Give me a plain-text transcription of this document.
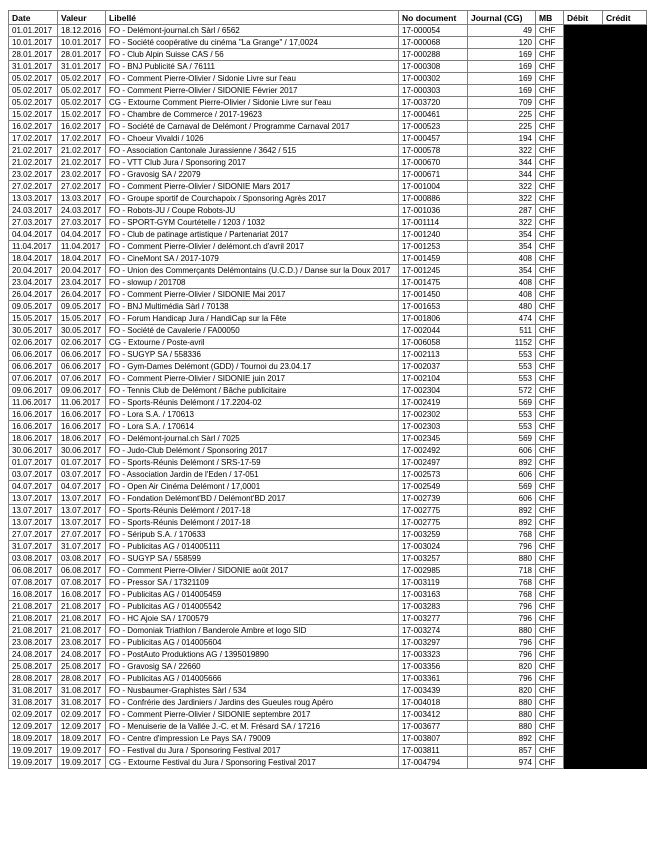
Date	Valeur	Libellé	No document	Journal (CG)	MB	Débit	Crédit
01.01.2017	18.12.2016	FO - Delémont-journal.ch Sàrl / 6562	17-000054	49	CHF		
10.01.2017	10.01.2017	FO - Société coopérative du cinéma "La Grange" / 17,0024	17-000068	120	CHF		
28.01.2017	28.01.2017	FO - Club Alpin Suisse CAS / 56	17-000288	169	CHF		
31.01.2017	31.01.2017	FO - BNJ Publicité SA / 76111	17-000308	169	CHF		
05.02.2017	05.02.2017	FO - Comment Pierre-Olivier / Sidonie Livre sur l'eau	17-000302	169	CHF		
05.02.2017	05.02.2017	FO - Comment Pierre-Olivier / SIDONIE Février 2017	17-000303	169	CHF		
05.02.2017	05.02.2017	CG - Extourne Comment Pierre-Olivier / Sidonie Livre sur l'eau	17-003720	709	CHF		
15.02.2017	15.02.2017	FO - Chambre de Commerce / 2017-19623	17-000461	225	CHF		
16.02.2017	16.02.2017	FO - Société de Carnaval de Delémont / Programme Carnaval 2017	17-000523	225	CHF		
17.02.2017	17.02.2017	FO - Choeur Vivaldi / 1026	17-000457	194	CHF		
21.02.2017	21.02.2017	FO - Association Cantonale Jurassienne / 3642 / 515	17-000578	322	CHF		
21.02.2017	21.02.2017	FO - VTT Club Jura / Sponsoring 2017	17-000670	344	CHF		
23.02.2017	23.02.2017	FO - Gravosig SA / 22079	17-000671	344	CHF		
27.02.2017	27.02.2017	FO - Comment Pierre-Olivier / SIDONIE Mars 2017	17-001004	322	CHF		
13.03.2017	13.03.2017	FO - Groupe sportif de Courchapoix / Sponsoring Agrès 2017	17-000886	322	CHF		
24.03.2017	24.03.2017	FO - Robots-JU / Coupe Robots-JU	17-001036	287	CHF		
27.03.2017	27.03.2017	FO - SPORT-GYM Courtételle / 1203 / 1032	17-001114	322	CHF		
04.04.2017	04.04.2017	FO - Club de patinage artistique / Partenariat 2017	17-001240	354	CHF		
11.04.2017	11.04.2017	FO - Comment Pierre-Olivier / delémont.ch d'avril 2017	17-001253	354	CHF		
18.04.2017	18.04.2017	FO - CineMont SA / 2017-1079	17-001459	408	CHF		
20.04.2017	20.04.2017	FO - Union des Commerçants Delémontains (U.C.D.) / Danse sur la Doux 2017	17-001245	354	CHF		
23.04.2017	23.04.2017	FO - slowup / 201708	17-001475	408	CHF		
26.04.2017	26.04.2017	FO - Comment Pierre-Olivier / SIDONIE Mai 2017	17-001450	408	CHF		
09.05.2017	09.05.2017	FO - BNJ Multimédia Sàrl / 70138	17-001653	480	CHF		
15.05.2017	15.05.2017	FO - Forum Handicap Jura / HandiCap sur la Fête	17-001806	474	CHF		
30.05.2017	30.05.2017	FO - Société de Cavalerie / FA00050	17-002044	511	CHF		
02.06.2017	02.06.2017	CG - Extourne / Poste-avril	17-006058	1152	CHF		
06.06.2017	06.06.2017	FO - SUGYP SA / 558336	17-002113	553	CHF		
06.06.2017	06.06.2017	FO - Gym-Dames Delémont (GDD) / Tournoi du 23.04.17	17-002037	553	CHF		
07.06.2017	07.06.2017	FO - Comment Pierre-Olivier / SIDONIE juin 2017	17-002104	553	CHF		
09.06.2017	09.06.2017	FO - Tennis Club de Delémont / Bâche publicitaire	17-002304	572	CHF		
11.06.2017	11.06.2017	FO - Sports-Réunis Delémont / 17.2204-02	17-002419	569	CHF		
16.06.2017	16.06.2017	FO - Lora S.A. / 170613	17-002302	553	CHF		
16.06.2017	16.06.2017	FO - Lora S.A. / 170614	17-002303	553	CHF		
18.06.2017	18.06.2017	FO - Delémont-journal.ch Sàrl / 7025	17-002345	569	CHF		
30.06.2017	30.06.2017	FO - Judo-Club Delémont / Sponsoring 2017	17-002492	606	CHF		
01.07.2017	01.07.2017	FO - Sports-Réunis Delémont / SRS-17-59	17-002497	892	CHF		
03.07.2017	03.07.2017	FO - Association Jardin de l'Eden / 17-051	17-002573	606	CHF		
04.07.2017	04.07.2017	FO - Open Air Cinéma Delémont / 17,0001	17-002549	569	CHF		
13.07.2017	13.07.2017	FO - Fondation Delémont'BD / Delémont'BD 2017	17-002739	606	CHF		
13.07.2017	13.07.2017	FO - Sports-Réunis Delémont / 2017-18	17-002775	892	CHF		
13.07.2017	13.07.2017	FO - Sports-Réunis Delémont / 2017-18	17-002775	892	CHF		
27.07.2017	27.07.2017	FO - Séripub S.A. / 170633	17-003259	768	CHF		
31.07.2017	31.07.2017	FO - Publicitas AG / 014005111	17-003024	796	CHF		
03.08.2017	03.08.2017	FO - SUGYP SA / 558599	17-003257	880	CHF		
06.08.2017	06.08.2017	FO - Comment Pierre-Olivier / SIDONIE août 2017	17-002985	718	CHF		
07.08.2017	07.08.2017	FO - Pressor SA / 17321109	17-003119	768	CHF		
16.08.2017	16.08.2017	FO - Publicitas AG / 014005459	17-003163	768	CHF		
21.08.2017	21.08.2017	FO - Publicitas AG / 014005542	17-003283	796	CHF		
21.08.2017	21.08.2017	FO - HC Ajoie SA / 1700579	17-003277	796	CHF		
21.08.2017	21.08.2017	FO - Domoniak Triathlon / Banderole Ambre et logo SID	17-003274	880	CHF		
23.08.2017	23.08.2017	FO - Publicitas AG / 014005604	17-003297	796	CHF		
24.08.2017	24.08.2017	FO - PostAuto Produktions AG / 1395019890	17-003323	796	CHF		
25.08.2017	25.08.2017	FO - Gravosig SA / 22660	17-003356	820	CHF		
28.08.2017	28.08.2017	FO - Publicitas AG / 014005666	17-003361	796	CHF		
31.08.2017	31.08.2017	FO - Nusbaumer-Graphistes Sàrl / 534	17-003439	820	CHF		
31.08.2017	31.08.2017	FO - Confrérie des Jardiniers / Jardins des Gueules roug Apéro	17-004018	880	CHF		
02.09.2017	02.09.2017	FO - Comment Pierre-Olivier / SIDONIE septembre 2017	17-003412	880	CHF		
12.09.2017	12.09.2017	FO - Menuiserie de la Vallée J.-C. et M. Frésard SA / 17216	17-003677	880	CHF		
18.09.2017	18.09.2017	FO - Centre d'impression Le Pays SA / 79009	17-003807	892	CHF		
19.09.2017	19.09.2017	FO - Festival du Jura / Sponsoring Festival 2017	17-003811	857	CHF		
19.09.2017	19.09.2017	CG - Extourne Festival du Jura / Sponsoring Festival 2017	17-004794	974	CHF		
